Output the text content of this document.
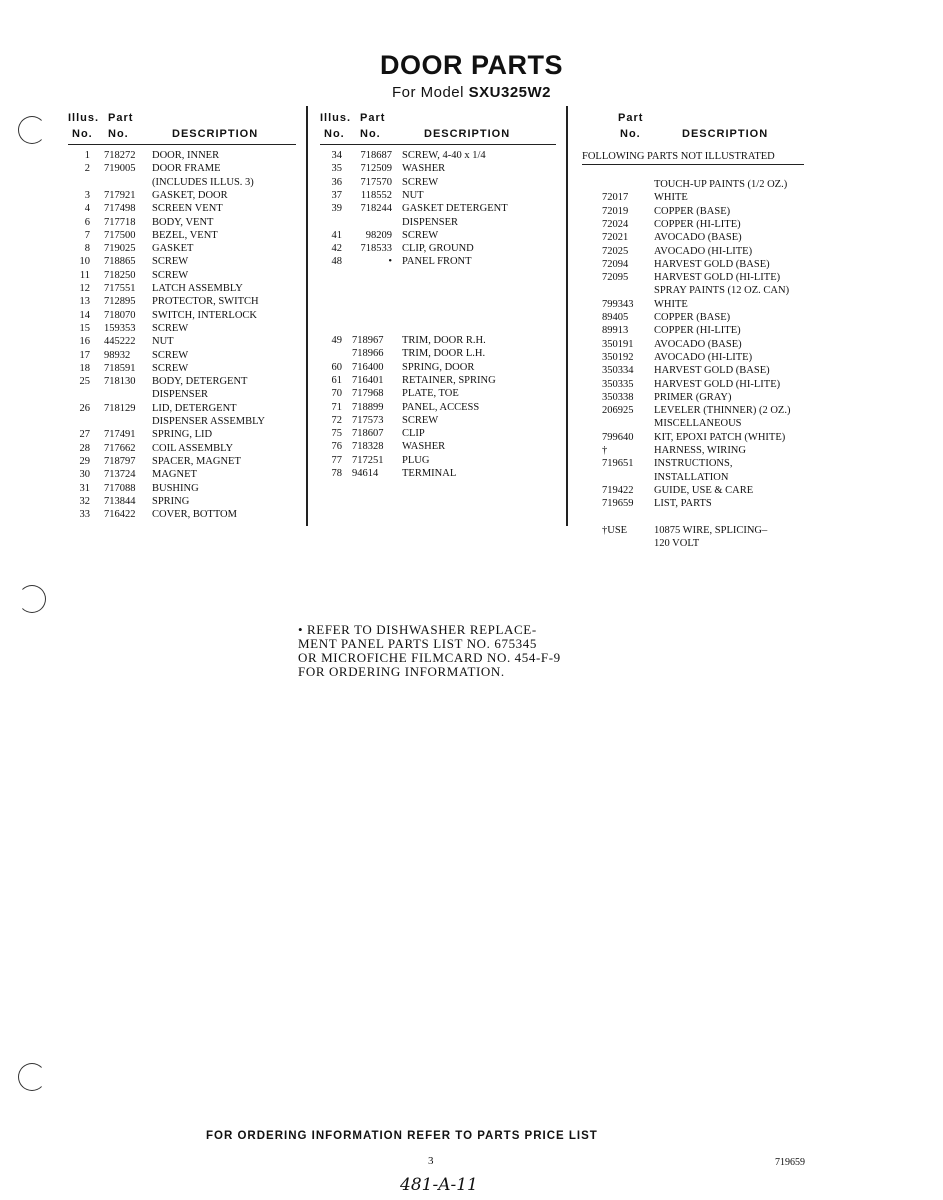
DOOR PARTS
For Model SXU325W2
Illus. Part
No. No.	DESCRIPTION
1 718272 DOOR, INNER
2 719005 DOOR FRAME
(INCLUDES ILLUS. 3)
3 717921 GASKET, DOOR
4 717498 SCREEN VENT
6 717718 BODY, VENT
7 717500 BEZEL, VENT
8 719025 GASKET
10 718865 SCREW
11 718250 SCREW
12 717551 LATCH ASSEMBLY
13 712895 PROTECTOR, SWITCH
14 718070 SWITCH, INTERLOCK
15 159353 SCREW
16 445222 NUT
17 98932 SCREW
18 718591 SCREW
25 718130 BODY, DETERGENT
DISPENSER
26 718129 LID, DETERGENT
DISPENSER ASSEMBLY
27 717491 SPRING, LID
28 717662 COIL ASSEMBLY
29 718797 SPACER, MAGNET
30 713724 MAGNET
31 717088 BUSHING
32 713844 SPRING
33 716422 COVER, BOTTOM
Illus. Part
No. No.	DESCRIPTION
34	718687 SCREW, 4-40 x 1/4
35	712509 WASHER
36	717570 SCREW
37	118552 NUT
39	718244 GASKET DETERGENT
DISPENSER
41	98209 SCREW
42	718533 CLIP, GROUND
48	• PANEL FRONT
49 718967 TRIM, DOOR R.H.
718966 TRIM, DOOR L.H.
60 716400 SPRING, DOOR
61 716401 RETAINER, SPRING
70 717968 PLATE, TOE
71 718899 PANEL, ACCESS
72 717573 SCREW
75 718607 CLIP
76 718328 WASHER
77 717251 PLUG
78 94614 TERMINAL
Part
No.	DESCRIPTION
FOLLOWING PARTS NOT ILLUSTRATED
TOUCH-UP PAINTS (1/2 OZ.)
72017 WHITE
72019 COPPER (BASE)
72024 COPPER (HI-LITE)
72021 AVOCADO (BASE)
72025 AVOCADO (HI-LITE)
72094 HARVEST GOLD (BASE)
72095 HARVEST GOLD (HI-LITE)
SPRAY PAINTS (12 OZ. CAN)
799343 WHITE
89405 COPPER (BASE)
89913 COPPER (HI-LITE)
350191 AVOCADO (BASE)
350192 AVOCADO (HI-LITE)
350334 HARVEST GOLD (BASE)
350335 HARVEST GOLD (HI-LITE)
350338 PRIMER (GRAY)
206925 LEVELER (THINNER) (2 OZ.)
MISCELLANEOUS
799640 KIT, EPOXI PATCH (WHITE)
†	HARNESS, WIRING
719651 INSTRUCTIONS,
INSTALLATION
719422 GUIDE, USE & CARE
719659 LIST, PARTS
†USE	10875 WIRE, SPLICING–
120 VOLT
• REFER TO DISHWASHER REPLACE-
MENT PANEL PARTS LIST NO. 675345
OR MICROFICHE FILMCARD NO. 454-F-9
FOR ORDERING INFORMATION.
FOR ORDERING INFORMATION REFER TO PARTS PRICE LIST
3	719659
481-A-11
